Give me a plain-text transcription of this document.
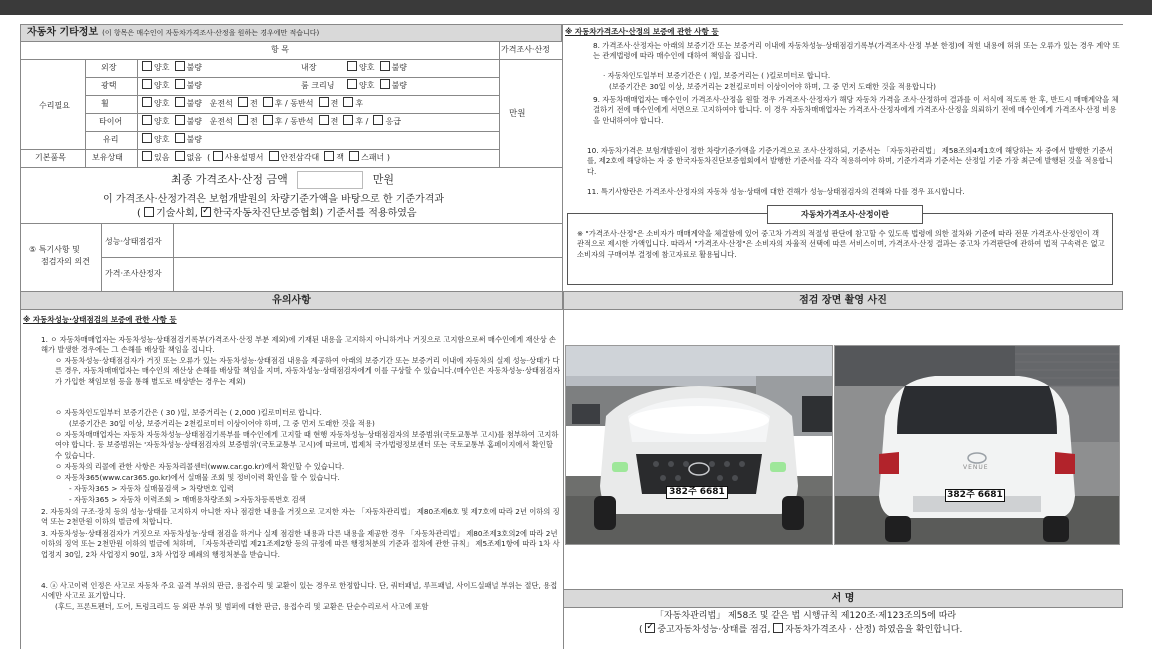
자동차 기타정보 (이 항목은 매수인이 자동차가격조사·산정을 원하는 경우에만 적습니다)
항 목	가격조사·산정
수리필요
만원
외장	양호 불량	내장	양호 불량
광택	양호 불량	룸 크리닝	양호 불량
휠	양호 불량 운전석 전 후 / 동반석 전 후
타이어	양호 불량 운전석 전 후 / 동반석 전 후 / 응급
유리	양호 불량
기본품목	보유상태	있음 없음 ( 사용설명서 안전삼각대 잭 스패너 )
최종 가격조사·산정 금액	만원
이 가격조사·산정가격은 보험개발원의 차량기준가액을 바탕으로 한 기준가격과
( 기술사회, ✓ 한국자동차진단보증협회) 기준서를 적용하였음
⑤ 특기사항 및
점검자의 의견
성능·상태점검자
가격·조사산정자
※ 자동차가격조사·산정의 보증에 관한 사항 등
8. 가격조사·산정자는 아래의 보증기간 또는 보증거리 이내에 자동차성능·상태점검기록부(가격조사·산정 부분 한정)에 적힌 내용에 허위 또는 오류가 있는 경우 계약 또는 관계법령에 따라 매수인에 대하여 책임을 집니다.
· 자동차인도일부터 보증기간은 ( )일, 보증거리는 ( )킬로미터로 합니다.
(보증기간은 30일 이상, 보증거리는 2천킬로미터 이상이어야 하며, 그 중 먼저 도래한 것을 적용합니다)
9. 자동차매매업자는 매수인이 가격조사·산정을 원할 경우 가격조사·산정자가 해당 자동차 가격을 조사·산정하여 결과를 이 서식에 적도록 한 후, 반드시 매매계약을 체결하기 전에 매수인에게 서면으로 고지하여야 합니다. 이 경우 자동차매매업자는 가격조사·산정자에게 가격조사·산정을 의뢰하기 전에 매수인에게 가격조사·산정 비용을 안내하여야 합니다.
10. 자동차가격은 보험개발원이 정한 차량기준가액을 기준가격으로 조사·산정하되, 기준서는 「자동차관리법」 제58조의4제1호에 해당하는 자 중에서 발행한 기준서를, 제2호에 해당하는 자 중 한국자동차진단보증협회에서 발행한 기준서를 각각 적용하여야 하며, 기준가격과 기준서는 산정일 기준 가장 최근에 발행된 것을 적용합니다.
11. 특기사항란은 가격조사·산정자의 자동차 성능·상태에 대한 견해가 성능·상태점검자의 견해와 다를 경우 표시합니다.
자동차가격조사·산정이란
※ "가격조사·산정"은 소비자가 매매계약을 체결함에 있어 중고차 가격의 적절성 판단에 참고할 수 있도록 법령에 의한 절차와 기준에 따라 전문 가격조사·산정인이 객관적으로 제시한 가액입니다. 따라서 "가격조사·산정"은 소비자의 자율적 선택에 따른 서비스이며, 가격조사·산정 결과는 중고차 가격판단에 관하여 법적 구속력은 없고 소비자의 구매여부 결정에 참고자료로 활용됩니다.
유의사항
※ 자동차성능·상태점검의 보증에 관한 사항 등
1. ㅇ 자동차매매업자는 자동차성능·상태점검기록부(가격조사·산정 부분 제외)에 기재된 내용을 고지하지 아니하거나 거짓으로 고지함으로써 매수인에게 재산상 손해가 발생한 경우에는 그 손해를 배상할 책임을 집니다.
ㅇ 자동차성능·상태점검자가 거짓 또는 오류가 있는 자동차성능·상태점검 내용을 제공하여 아래의 보증기간 또는 보증거리 이내에 자동차의 실제 성능·상태가 다른 경우, 자동차매매업자는 매수인의 재산상 손해를 배상할 책임을 지며, 자동차성능·상태점검자에게 이를 구상할 수 있습니다.(매수인은 자동차성능·상태점검자가 가입한 책임보험 등을 통해 별도로 배상받는 경우는 제외)
ㅇ 자동차인도일부터 보증기간은 ( 30 )일, 보증거리는 ( 2,000 )킬로미터로 합니다.
(보증기간은 30일 이상, 보증거리는 2천킬로미터 이상이어야 하며, 그 중 먼저 도래한 것을 적용)
ㅇ 자동차매매업자는 자동차 자동차성능·상태점검기록부를 매수인에게 고지할 때 현행 자동차성능·상태점검자의 보증범위(국토교통부 고시)를 첨부하여 고지하여야 합니다. 등 보증범위는 '자동차성능·상태점검자의 보증범위'(국토교통부 고시)에 따르며, 법제처 국가법령정보센터 또는 국토교통부 홈페이지에서 확인할 수 있습니다.
ㅇ 자동차의 리콜에 관한 사항은 자동차리콜센터(www.car.go.kr)에서 확인할 수 있습니다.
ㅇ 자동차365(www.car365.go.kr)에서 실매물 조회 및 정비이력 확인을 할 수 있습니다.
- 자동차365 > 자동차 실매물검색 > 차량번호 입력
- 자동차365 > 자동차 이력조회 > 매매용차량조회 >자동차등록번호 검색
2. 자동차의 구조·장치 등의 성능·상태를 고지하지 아니한 자나 점검한 내용을 거짓으로 고지한 자는 「자동차관리법」 제80조제6호 및 제7호에 따라 2년 이하의 징역 또는 2천만원 이하의 벌금에 처합니다.
3. 자동차성능·상태점검자가 거짓으로 자동차성능·상태 점검을 하거나 실제 점검한 내용과 다른 내용을 제공한 경우 「자동차관리법」 제80조제3호의2에 따라 2년 이하의 징역 또는 2천만원 이하의 벌금에 처하며, 「자동차관리법 제21조제2항 등의 규정에 따른 행정처분의 기준과 절차에 관한 규칙」 제5조제1항에 따라 1차 사업정지 30일, 2차 사업정지 90일, 3차 사업장 폐쇄의 행정처분을 받습니다.
4. ⓐ 사고이력 인정은 사고로 자동차 주요 골격 부위의 판금, 용접수리 및 교환이 있는 경우로 한정합니다. 단, 쿼터패널, 루프패널, 사이드실패널 부위는 절단, 용접 시에만 사고로 표기합니다.
(후드, 프론트펜더, 도어, 트렁크리드 등 외판 부위 및 범퍼에 대한 판금, 용접수리 및 교환은 단순수리로서 사고에 포함
점검 장면 촬영 사진
382주 6681	382주 6681
VENUE
서 명
「자동차관리법」 제58조 및 같은 법 시행규칙 제120조·제123조의5에 따라
( ✓ 중고자동차성능·상태를 점검, 자동차가격조사 · 산정) 하였음을 확인합니다.
